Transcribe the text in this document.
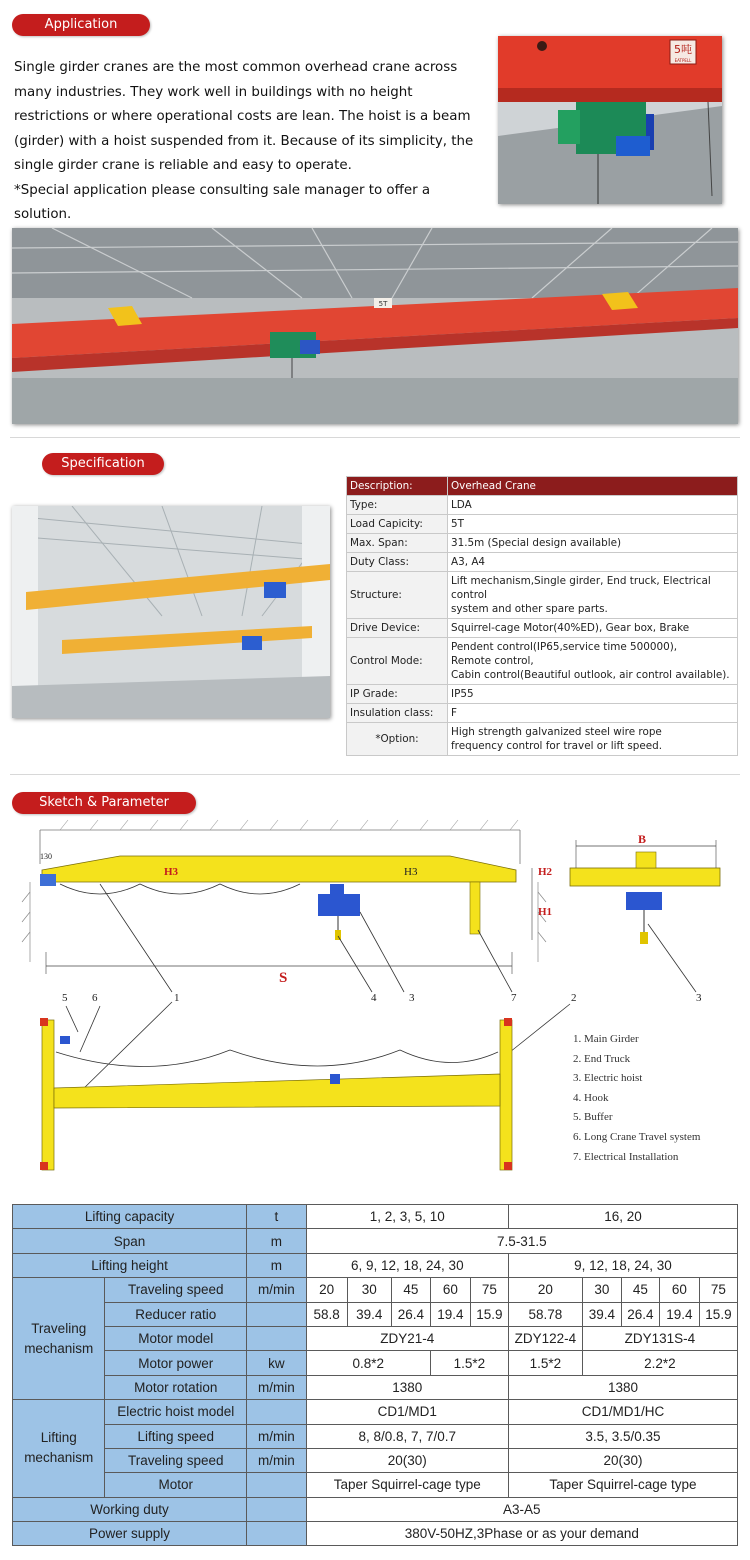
Application

Single girder cranes are the most common overhead crane across many industries. They work well in buildings with no height restrictions or where operational costs are lean. The hoist is a beam (girder) with a hoist suspended from it. Because of its simplicity, the single girder crane is reliable and easy to operate.

*Special application please consulting sale manager to offer a solution.

5吨
EATPELL
5T
Specification
Description:	Overhead Crane
Type:	LDA
Load Capicity:	5T
Max. Span:	31.5m (Special design available)
Duty Class:	A3, A4
Structure:	Lift mechanism,Single girder, End truck, Electrical control
system and other spare parts.

Drive Device:	Squirrel-cage Motor(40%ED), Gear box, Brake
Control Mode:	Pendent control(IP65,service time 500000),
Remote control,
Cabin control(Beautiful outlook, air control available).

IP Grade:	IP55
Insulation class:	F
*Option:	High strength galvanized steel wire rope
frequency control for travel or lift speed.
Sketch & Parameter
130
H3	H3	H2
H1
B
S
1	4	3	7	2	3
5 6
1. Main Girder
2. End Truck
3. Electric hoist
4. Hook
5. Buffer
6. Long Crane Travel system
7. Electrical Installation
Lifting capacity		t	1, 2, 3, 5, 10					16, 20				
Span		m	7.5-31.5									
Lifting height		m	6, 9, 12, 18, 24, 30					9, 12, 18, 24, 30				
Traveling mechanism	Traveling speed	m/min	20	30	45	60	75	20	30	45	60	75
	Reducer ratio		58.8	39.4	26.4	19.4	15.9	58.78	39.4	26.4	19.4	15.9
	Motor model		ZDY21-4					ZDY122-4	ZDY131S-4			
	Motor power	kw	0.8*2			1.5*2		1.5*2	2.2*2			
	Motor rotation	m/min	1380					1380				
Lifting mechanism	Electric hoist model		CD1/MD1					CD1/MD1/HC				
	Lifting speed	m/min	8, 8/0.8, 7, 7/0.7					3.5, 3.5/0.35				
	Traveling speed	m/min	20(30)					20(30)				
	Motor		Taper Squirrel-cage type					Taper Squirrel-cage type				
Working duty			A3-A5									
Power supply			380V-50HZ,3Phase or as your demand									
